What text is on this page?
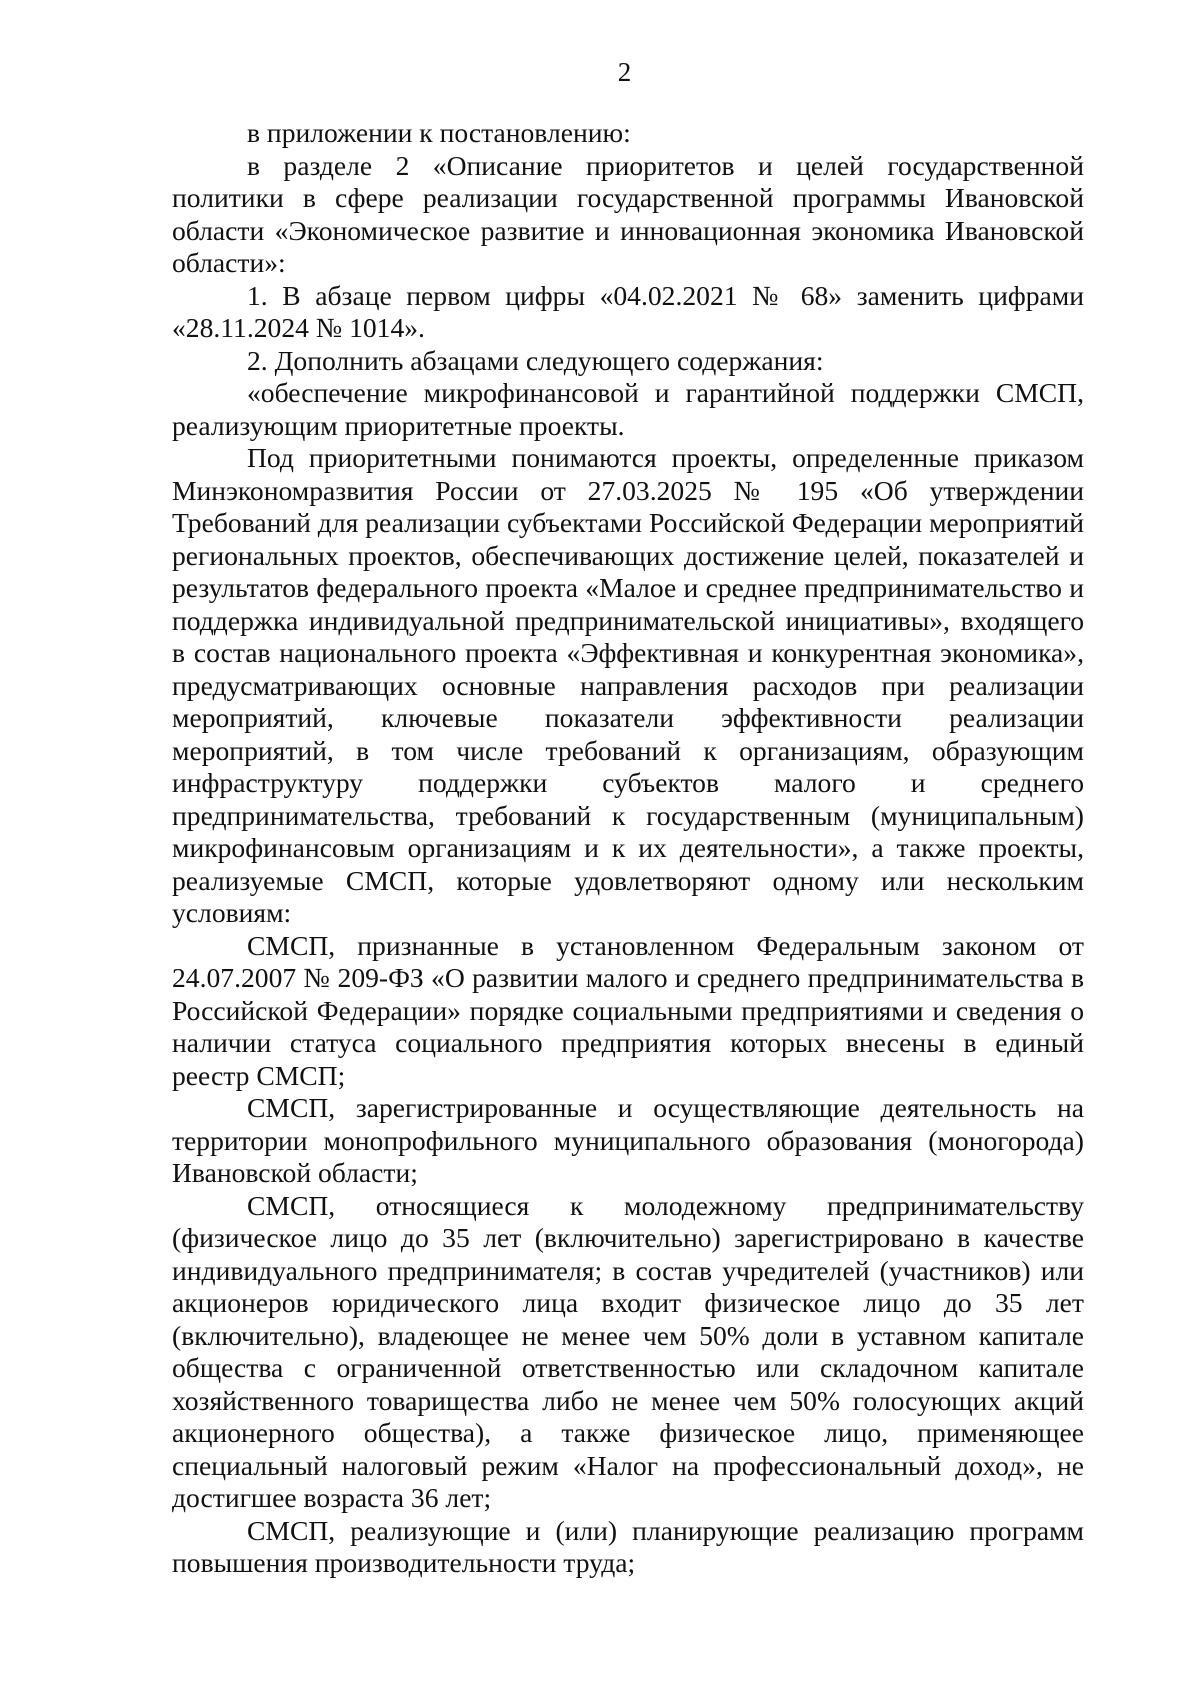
2

в приложении к постановлению:

в разделе 2 «Описание приоритетов и целей государственной политики в сфере реализации государственной программы Ивановской области «Экономическое развитие и инновационная экономика Ивановской области»:

1. В абзаце первом цифры «04.02.2021 № 68» заменить цифрами «28.11.2024 № 1014».

2. Дополнить абзацами следующего содержания:

«обеспечение микрофинансовой и гарантийной поддержки СМСП, реализующим приоритетные проекты.

Под приоритетными понимаются проекты, определенные приказом Минэкономразвития России от 27.03.2025 № 195 «Об утверждении Требований для реализации субъектами Российской Федерации мероприятий региональных проектов, обеспечивающих достижение целей, показателей и результатов федерального проекта «Малое и среднее предпринимательство и поддержка индивидуальной предпринимательской инициативы», входящего в состав национального проекта «Эффективная и конкурентная экономика», предусматривающих основные направления расходов при реализации мероприятий, ключевые показатели эффективности реализации мероприятий, в том числе требований к организациям, образующим инфраструктуру поддержки субъектов малого и среднего предпринимательства, требований к государственным (муниципальным) микрофинансовым организациям и к их деятельности», а также проекты, реализуемые СМСП, которые удовлетворяют одному или нескольким условиям:

СМСП, признанные в установленном Федеральным законом от 24.07.2007 № 209-ФЗ «О развитии малого и среднего предпринимательства в Российской Федерации» порядке социальными предприятиями и сведения о наличии статуса социального предприятия которых внесены в единый реестр СМСП;

СМСП, зарегистрированные и осуществляющие деятельность на территории монопрофильного муниципального образования (моногорода) Ивановской области;

СМСП, относящиеся к молодежному предпринимательству (физическое лицо до 35 лет (включительно) зарегистрировано в качестве индивидуального предпринимателя; в состав учредителей (участников) или акционеров юридического лица входит физическое лицо до 35 лет (включительно), владеющее не менее чем 50% доли в уставном капитале общества с ограниченной ответственностью или складочном капитале хозяйственного товарищества либо не менее чем 50% голосующих акций акционерного общества), а также физическое лицо, применяющее специальный налоговый режим «Налог на профессиональный доход», не достигшее возраста 36 лет;

СМСП, реализующие и (или) планирующие реализацию программ повышения производительности труда;
